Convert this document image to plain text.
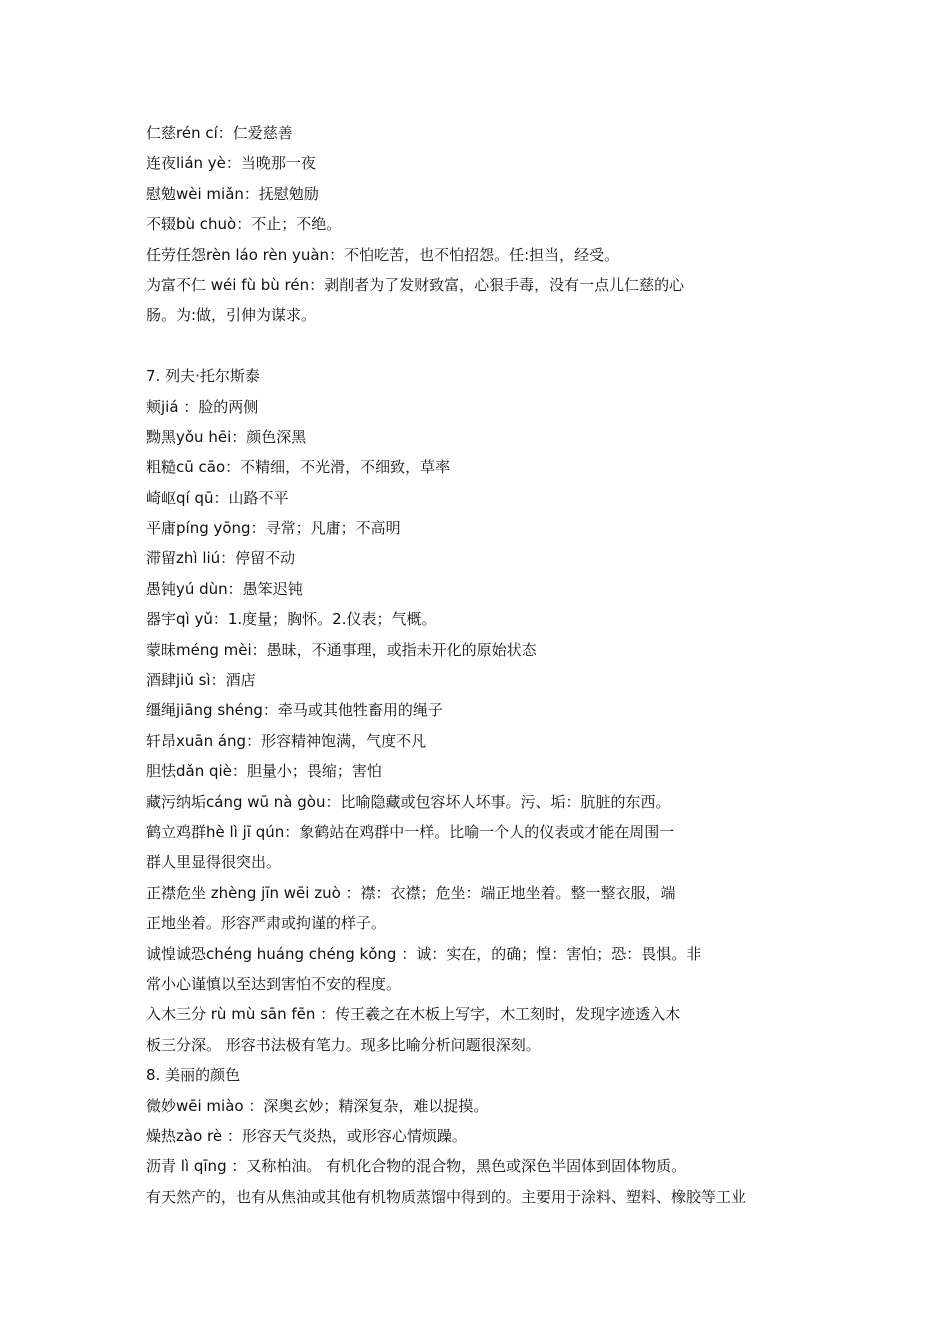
仁慈rén cí：仁爱慈善
连夜lián yè：当晚那一夜
慰勉wèi miǎn：抚慰勉励
不辍bù chuò：不止；不绝。
任劳任怨rèn láo rèn yuàn：不怕吃苦，也不怕招怨。任:担当，经受。
为富不仁 wéi fù bù rén：剥削者为了发财致富，心狠手毒，没有一点儿仁慈的心
肠。为:做，引伸为谋求。
7. 列夫·托尔斯泰
颊jiá ：脸的两侧
黝黑yǒu hēi：颜色深黑
粗糙cū cāo：不精细，不光滑，不细致，草率
崎岖qí qū：山路不平
平庸píng yōng：寻常；凡庸；不高明
滞留zhì liú：停留不动
愚钝yú dùn：愚笨迟钝
器宇qì yǔ：1.度量；胸怀。2.仪表；气概。
蒙昧méng mèi：愚昧，不通事理，或指未开化的原始状态
酒肆jiǔ sì：酒店
缰绳jiāng shéng：牵马或其他牲畜用的绳子
轩昂xuān áng：形容精神饱满，气度不凡
胆怯dǎn qiè：胆量小；畏缩；害怕
藏污纳垢cáng wū nà gòu：比喻隐藏或包容坏人坏事。污、垢：肮脏的东西。
鹤立鸡群hè lì jī qún：象鹤站在鸡群中一样。比喻一个人的仪表或才能在周围一
群人里显得很突出。
正襟危坐 zhèng jīn wēi zuò ：襟：衣襟；危坐：端正地坐着。整一整衣服，端
正地坐着。形容严肃或拘谨的样子。
诚惶诚恐chéng huáng chéng kǒng ：诚：实在，的确；惶：害怕；恐：畏惧。非
常小心谨慎以至达到害怕不安的程度。
入木三分 rù mù sān fēn ：传王羲之在木板上写字，木工刻时，发现字迹透入木
板三分深。 形容书法极有笔力。现多比喻分析问题很深刻。
8. 美丽的颜色
微妙wēi miào ：深奥玄妙；精深复杂，难以捉摸。
燥热zào rè ：形容天气炎热，或形容心情烦躁。
沥青 lì qīng ：又称柏油。 有机化合物的混合物，黑色或深色半固体到固体物质。
有天然产的，也有从焦油或其他有机物质蒸馏中得到的。主要用于涂料、塑料、橡胶等工业
